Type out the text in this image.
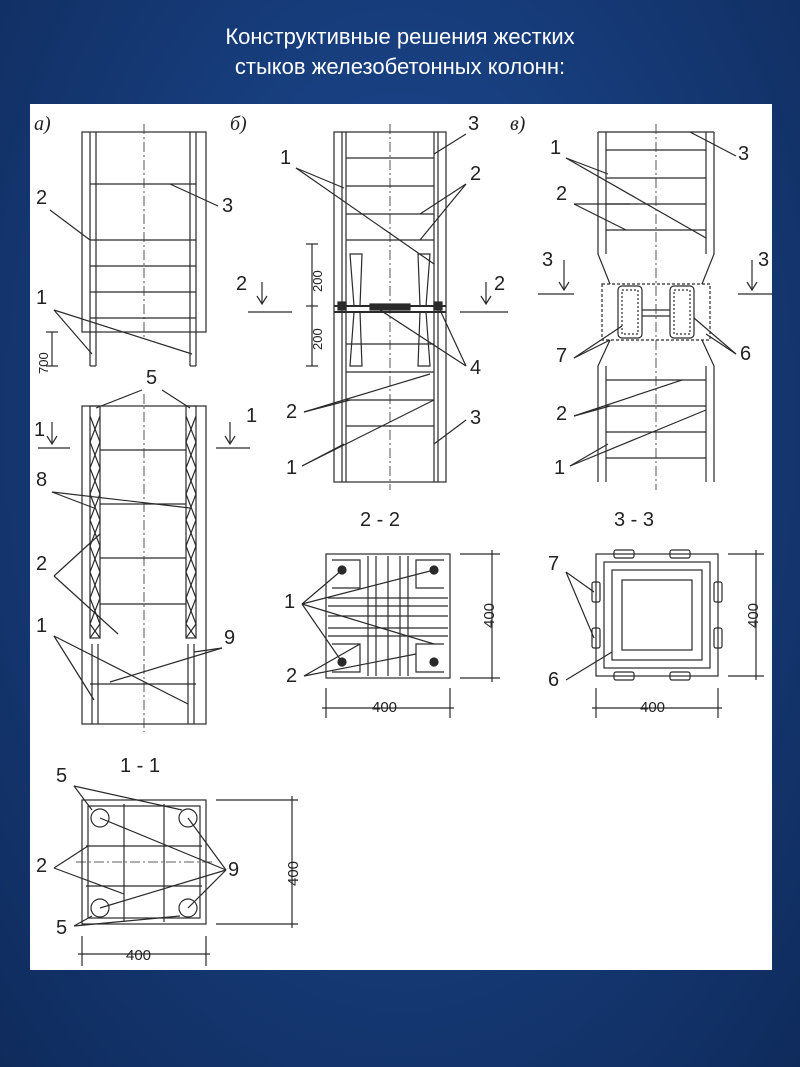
Конструктивные решения жестких
стыков железобетонных колонн:
а)	б)	в)
700
2	3
1
1
1
5
8
2
1
9
1 - 1
400
400
5
2
5
9
200
200
2	2
1
3
2
4
2	3
1
2 - 2
400
400
1
2
3	3
1	3
2
7	6
2
1
3 - 3
400
400
7
6
